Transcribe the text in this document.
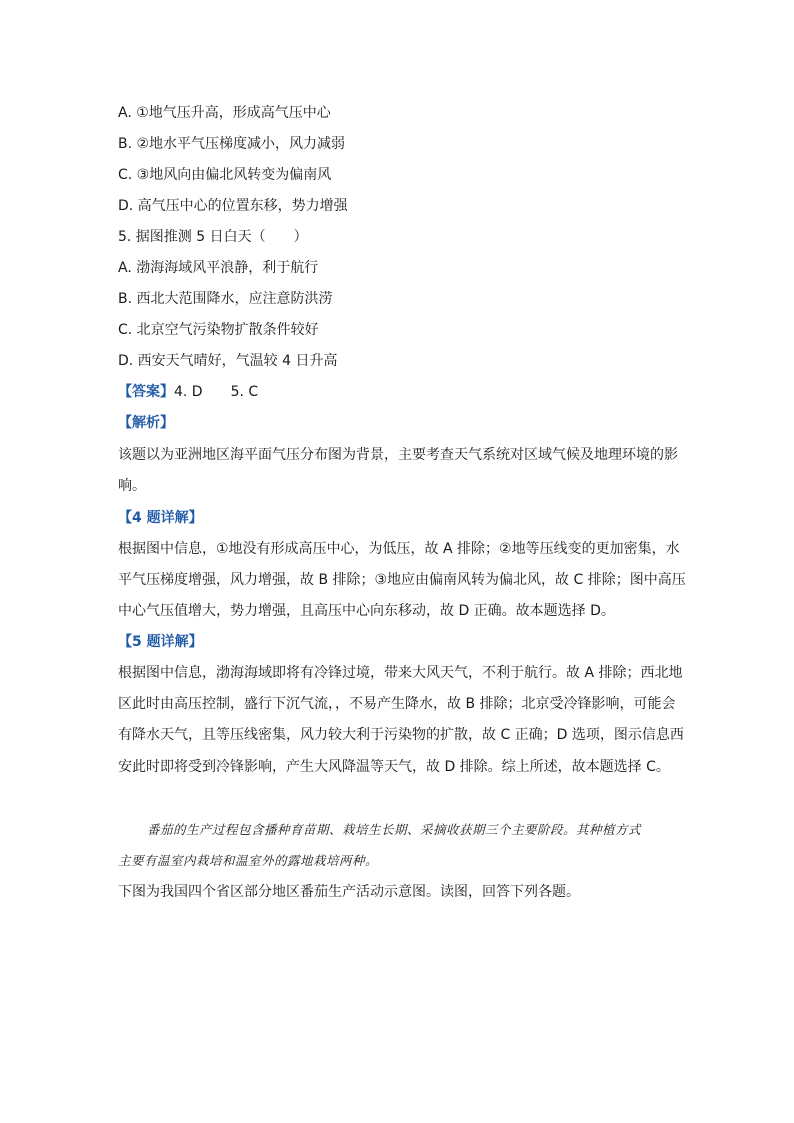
A. ①地气压升高，形成高气压中心
B. ②地水平气压梯度减小，风力减弱
C. ③地风向由偏北风转变为偏南风
D. 高气压中心的位置东移，势力增强
5. 据图推测 5 日白天（　　）
A. 渤海海域风平浪静，利于航行
B. 西北大范围降水，应注意防洪涝
C. 北京空气污染物扩散条件较好
D. 西安天气晴好，气温较 4 日升高
【答案】4. D　　5. C
【解析】
该题以为亚洲地区海平面气压分布图为背景，主要考查天气系统对区域气候及地理环境的影
响。
【4 题详解】
根据图中信息，①地没有形成高压中心，为低压，故 A 排除；②地等压线变的更加密集，水
平气压梯度增强，风力增强，故 B 排除；③地应由偏南风转为偏北风，故 C 排除；图中高压
中心气压值增大，势力增强，且高压中心向东移动，故 D 正确。故本题选择 D。
【5 题详解】
根据图中信息，渤海海域即将有冷锋过境，带来大风天气，不利于航行。故 A 排除；西北地
区此时由高压控制，盛行下沉气流，，不易产生降水，故 B 排除；北京受冷锋影响，可能会
有降水天气，且等压线密集，风力较大利于污染物的扩散，故 C 正确；D 选项，图示信息西
安此时即将受到冷锋影响，产生大风降温等天气，故 D 排除。综上所述，故本题选择 C。
番茄的生产过程包含播种育苗期、栽培生长期、采摘收获期三个主要阶段。其种植方式
主要有温室内栽培和温室外的露地栽培两种。
下图为我国四个省区部分地区番茄生产活动示意图。读图，回答下列各题。
